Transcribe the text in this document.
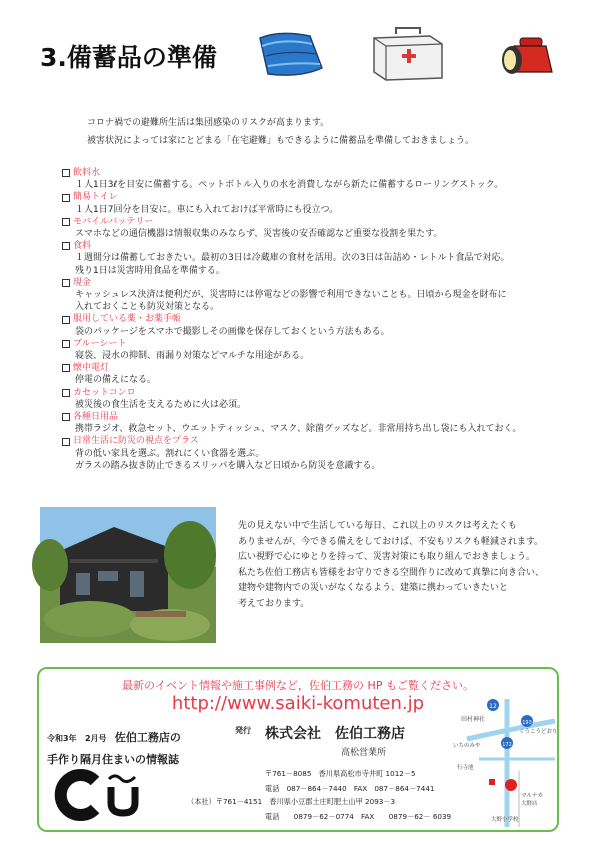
3.備蓄品の準備
コロナ禍での避難所生活は集団感染のリスクが高まります。
被害状況によっては家にとどまる「在宅避難」もできるように備蓄品を準備しておきましょう。
飲料水
１人1日3ℓを目安に備蓄する。ペットボトル入りの水を消費しながら新たに備蓄するローリングストック。
簡易トイレ
１人1日7回分を目安に。車にも入れておけば平常時にも役立つ。
モバイルバッテリー
スマホなどの通信機器は情報収集のみならず、災害後の安否確認など重要な役割を果たす。
食料
１週間分は備蓄しておきたい。最初の3日は冷蔵庫の食材を活用。次の3日は缶詰め・レトルト食品で対応。
残り1日は災害時用食品を準備する。
現金
キャッシュレス決済は便利だが、災害時には停電などの影響で利用できないことも。日頃から現金を財布に
入れておくことも防災対策となる。
服用している薬・お薬手帳
袋のパッケージをスマホで撮影しその画像を保存しておくという方法もある。
ブルーシート
寝袋、浸水の抑制、雨漏り対策などマルチな用途がある。
懐中電灯
停電の備えになる。
カセットコンロ
被災後の食生活を支えるために火は必須。
各種日用品
携帯ラジオ、救急セット、ウエットティッシュ、マスク、除菌グッズなど。非常用持ち出し袋にも入れておく。
日常生活に防災の視点をプラス
背の低い家具を選ぶ。割れにくい食器を選ぶ。
ガラスの踏み抜き防止できるスリッパを購入など日頃から防災を意識する。
先の見えない中で生活している毎日、これ以上のリスクは考えたくも
ありませんが、今できる備えをしておけば、不安もリスクも軽減されます。
広い視野で心にゆとりを持って、災害対策にも取り組んでおきましょう。
私たち佐伯工務店も皆様をお守りできる空間作りに改めて真摯に向き合い、
建物や建物内での災いがなくなるよう、建築に携わっていきたいと
考えております。
最新のイベント情報や施工事例など，佐伯工務の HP もご覧ください。
http://www.saiki-komuten.jp
令和3年 2月号 佐伯工務店の
手作り隔月住まいの情報誌
発行 株式会社　佐伯工務店
高松営業所
〒761－8085　香川県高松市寺井町 1012－5
電話　087－864－7440　FAX　087－864－7441
（本社）〒761－4151　香川県小豆郡土庄町肥土山甲 2093－3
電話　　0879－62－0774　FAX　　0879－62－ 6039
12
172
193
田村神社
くうこうどおり
いちのみや
行寺池
マルナカ
大野店
大野小学校
